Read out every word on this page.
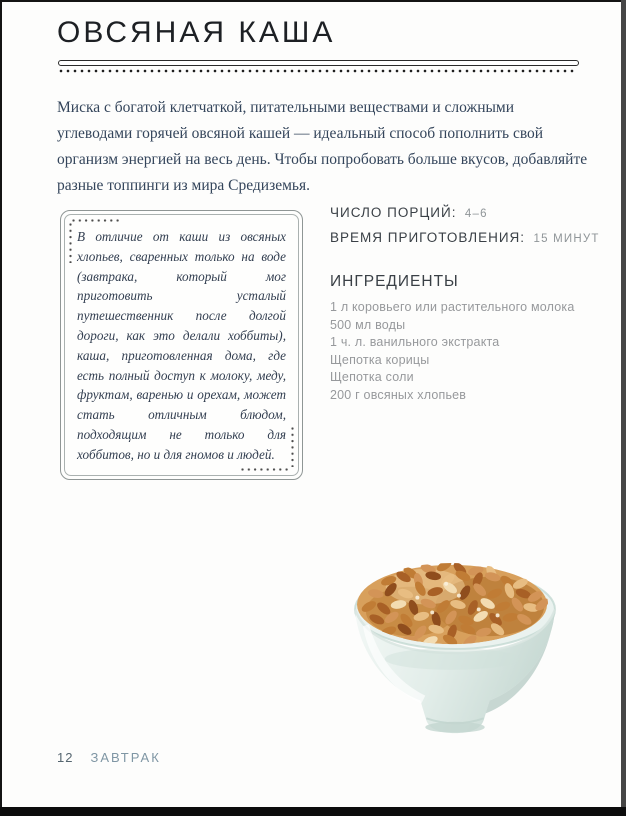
ОВСЯНАЯ КАША

Миска с богатой клетчаткой, питательными веществами и сложными углеводами горячей овсяной кашей — идеальный способ пополнить свой организм энергией на весь день. Чтобы попробовать больше вкусов, добавляйте разные топпинги из мира Средиземья.

В отличие от каши из овсяных хлопьев, сваренных только на воде (завтрака, который мог приготовить усталый путешественник после долгой дороги, как это делали хоббиты), каша, приготовленная дома, где есть полный доступ к молоку, меду, фруктам, варенью и орехам, может стать отличным блюдом, подходящим не только для хоббитов, но и для гномов и людей.

ЧИСЛО ПОРЦИЙ: 4–6

ВРЕМЯ ПРИГОТОВЛЕНИЯ: 15 МИНУТ

ИНГРЕДИЕНТЫ
1 л коровьего или растительного молока
500 мл воды
1 ч. л. ванильного экстракта
Щепотка корицы
Щепотка соли
200 г овсяных хлопьев
12 ЗАВТРАК
